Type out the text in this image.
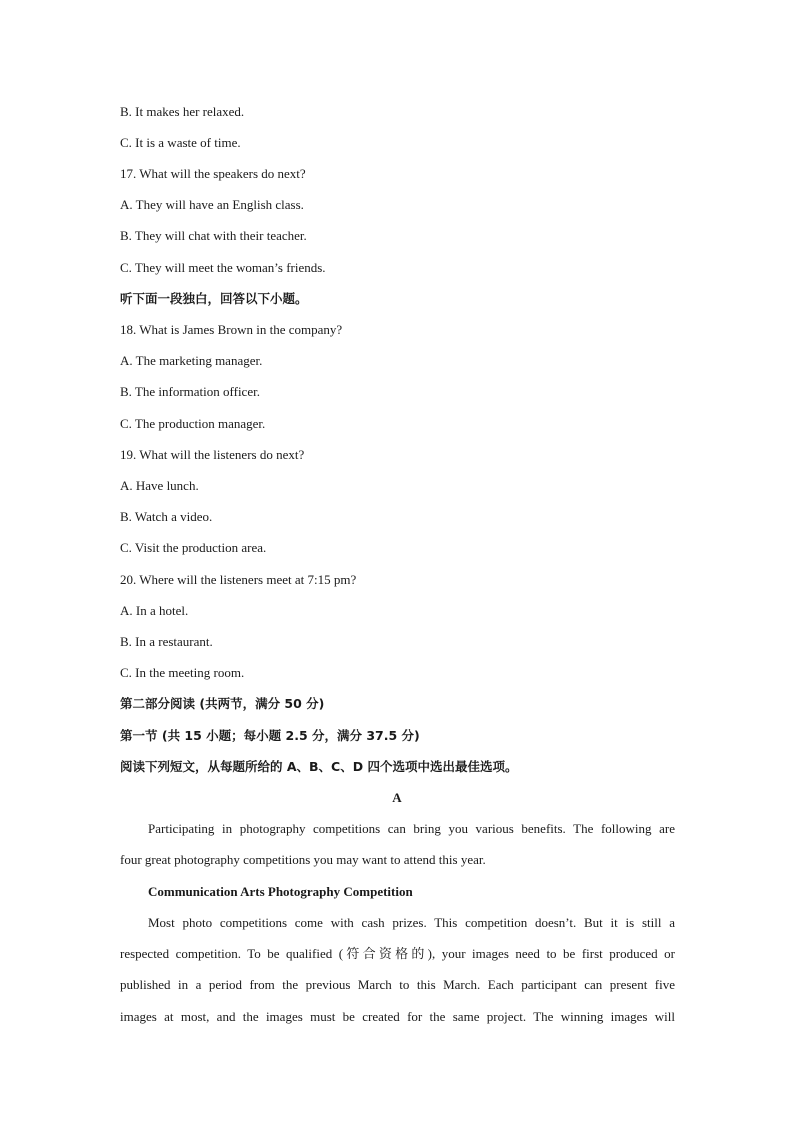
B. It makes her relaxed.
C. It is a waste of time.
17. What will the speakers do next?
A. They will have an English class.
B. They will chat with their teacher.
C. They will meet the woman’s friends.
听下面一段独白，回答以下小题。
18. What is James Brown in the company?
A. The marketing manager.
B. The information officer.
C. The production manager.
19. What will the listeners do next?
A. Have lunch.
B. Watch a video.
C. Visit the production area.
20. Where will the listeners meet at 7:15 pm?
A. In a hotel.
B. In a restaurant.
C. In the meeting room.
第二部分阅读 (共两节，满分 50 分)
第一节 (共 15 小题；每小题 2.5 分，满分 37.5 分)
阅读下列短文，从每题所给的 A、B、C、D 四个选项中选出最佳选项。
A
Participating in photography competitions can bring you various benefits. The following are
four great photography competitions you may want to attend this year.
Communication Arts Photography Competition
Most photo competitions come with cash prizes. This competition doesn’t. But it is still a
respected competition. To be qualified (符合资格的), your images need to be first produced or
published in a period from the previous March to this March. Each participant can present five
images at most, and the images must be created for the same project. The winning images will
